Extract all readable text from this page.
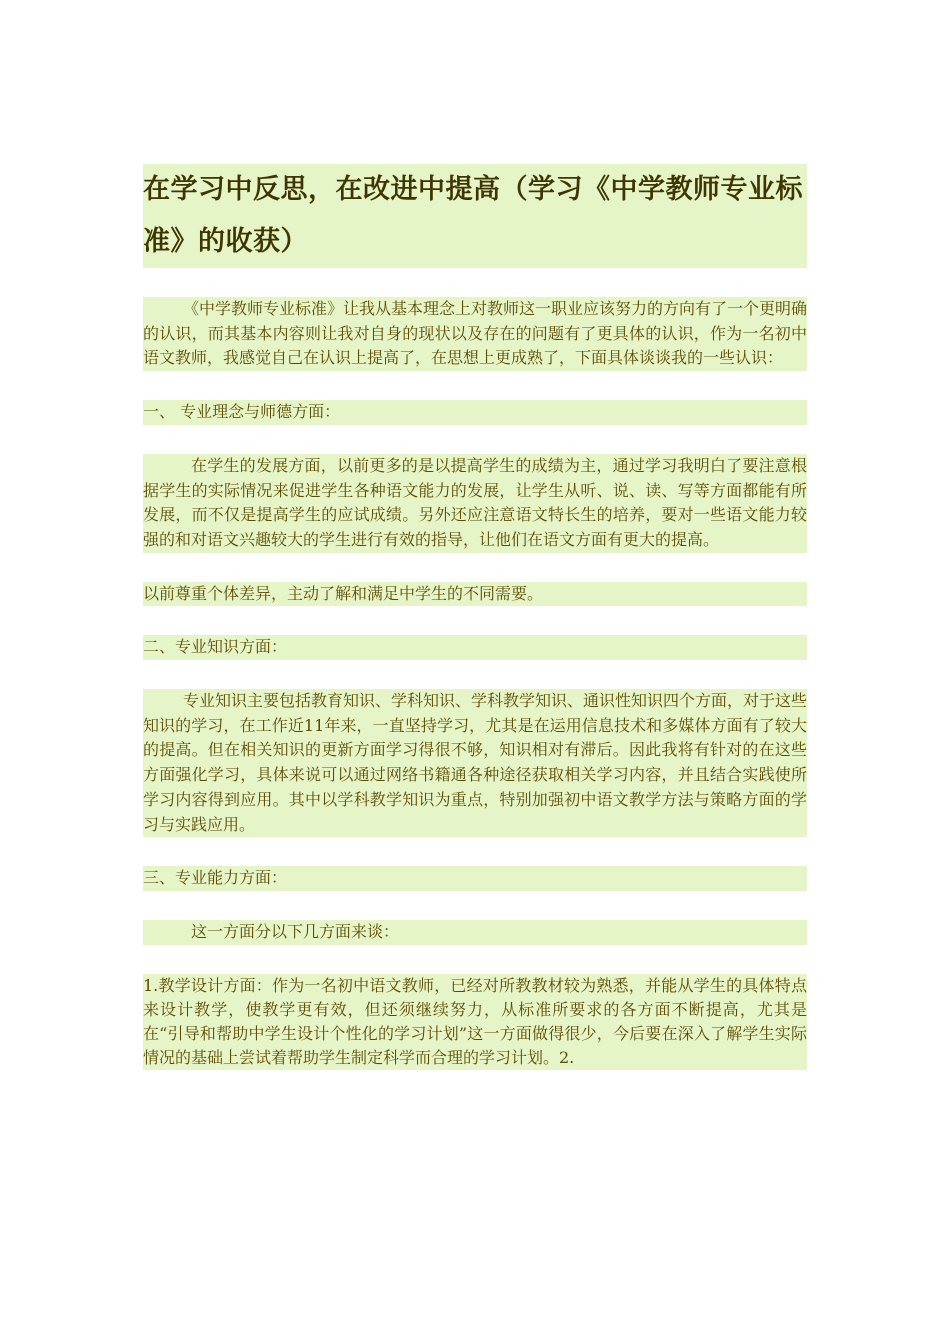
在学习中反思，在改进中提高（学习《中学教师专业标准》的收获）

《中学教师专业标准》让我从基本理念上对教师这一职业应该努力的方向有了一个更明确的认识，而其基本内容则让我对自身的现状以及存在的问题有了更具体的认识，作为一名初中语文教师，我感觉自己在认识上提高了，在思想上更成熟了，下面具体谈谈我的一些认识：

一、 专业理念与师德方面：

在学生的发展方面，以前更多的是以提高学生的成绩为主，通过学习我明白了要注意根据学生的实际情况来促进学生各种语文能力的发展，让学生从听、说、读、写等方面都能有所发展，而不仅是提高学生的应试成绩。另外还应注意语文特长生的培养，要对一些语文能力较强的和对语文兴趣较大的学生进行有效的指导，让他们在语文方面有更大的提高。

以前尊重个体差异，主动了解和满足中学生的不同需要。

二、专业知识方面：

专业知识主要包括教育知识、学科知识、学科教学知识、通识性知识四个方面，对于这些知识的学习，在工作近11年来，一直坚持学习，尤其是在运用信息技术和多媒体方面有了较大的提高。但在相关知识的更新方面学习得很不够，知识相对有滞后。因此我将有针对的在这些方面强化学习，具体来说可以通过网络书籍通各种途径获取相关学习内容，并且结合实践使所学习内容得到应用。其中以学科教学知识为重点，特别加强初中语文教学方法与策略方面的学习与实践应用。

三、专业能力方面：

这一方面分以下几方面来谈：

1.教学设计方面：作为一名初中语文教师，已经对所教教材较为熟悉，并能从学生的具体特点来设计教学，使教学更有效，但还须继续努力，从标准所要求的各方面不断提高，尤其是在“引导和帮助中学生设计个性化的学习计划”这一方面做得很少，今后要在深入了解学生实际情况的基础上尝试着帮助学生制定科学而合理的学习计划。2.
